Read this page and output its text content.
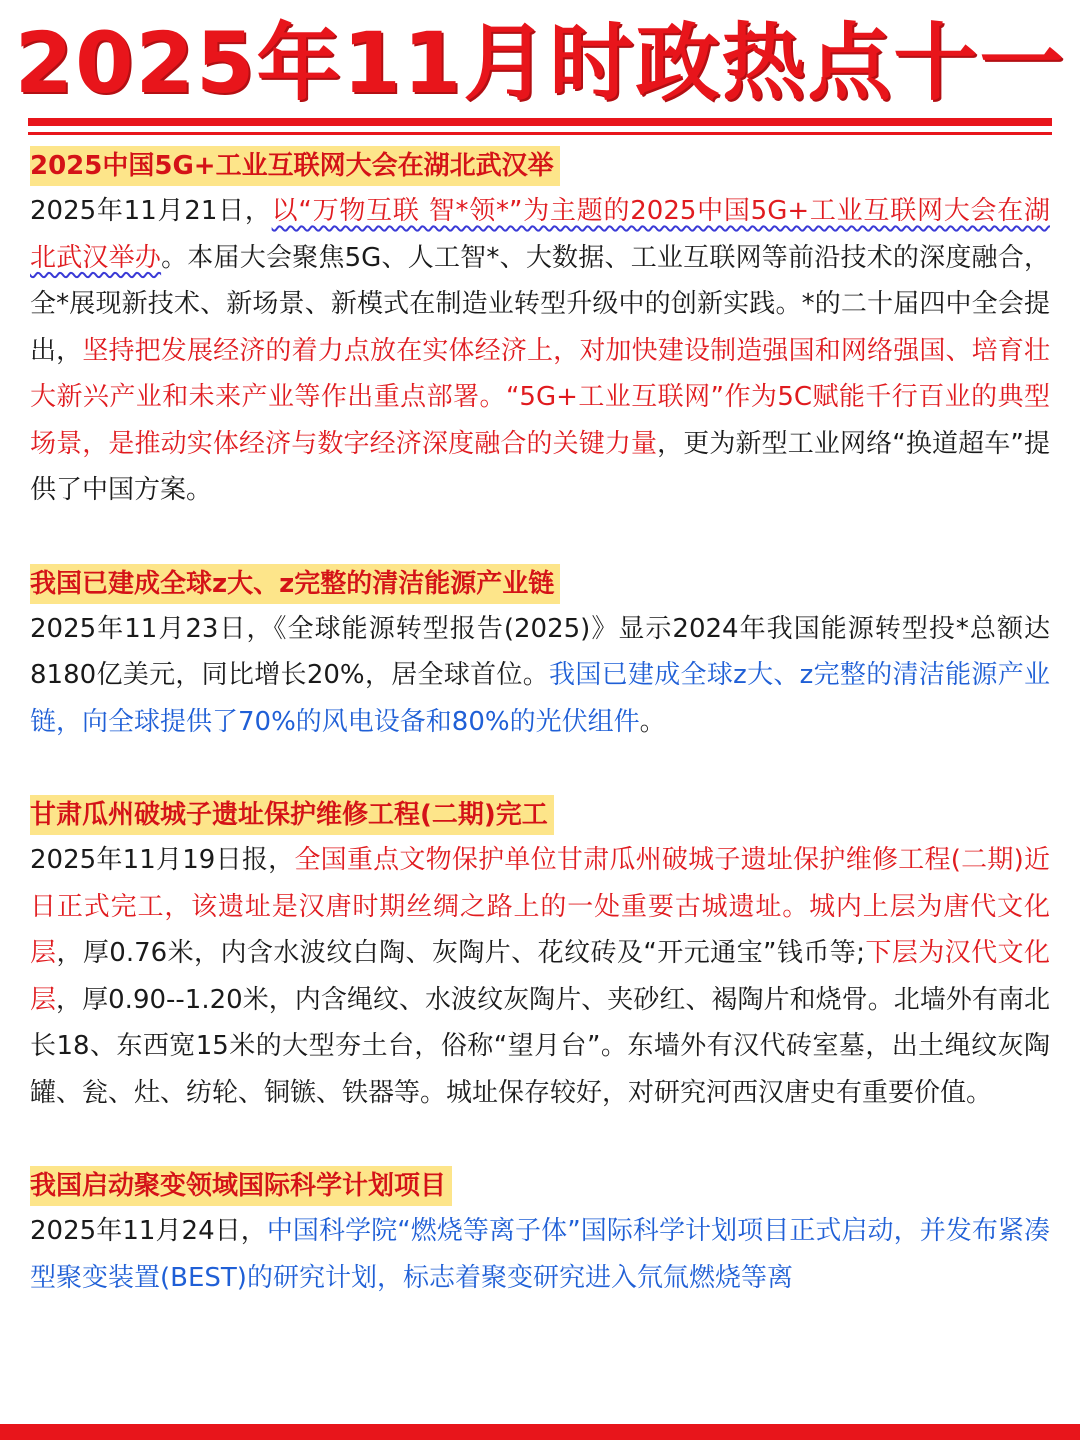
2025年11月时政热点十一
2025中国5G+工业互联网大会在湖北武汉举

2025年11月21日，以“万物互联 智*领*”为主题的2025中国5G+工业互联网大会在湖北武汉举办。本届大会聚焦5G、人工智*、大数据、工业互联网等前沿技术的深度融合，全*展现新技术、新场景、新模式在制造业转型升级中的创新实践。*的二十届四中全会提出，坚持把发展经济的着力点放在实体经济上，对加快建设制造强国和网络强国、培育壮大新兴产业和未来产业等作出重点部署。“5G+工业互联网”作为5C赋能千行百业的典型场景，是推动实体经济与数字经济深度融合的关键力量，更为新型工业网络“换道超车”提供了中国方案。

我国已建成全球z大、z完整的清洁能源产业链

2025年11月23日，《全球能源转型报告(2025)》显示2024年我国能源转型投*总额达8180亿美元，同比增长20%，居全球首位。我国已建成全球z大、z完整的清洁能源产业链，向全球提供了70%的风电设备和80%的光伏组件。

甘肃瓜州破城子遗址保护维修工程(二期)完工

2025年11月19日报，全国重点文物保护单位甘肃瓜州破城子遗址保护维修工程(二期)近日正式完工，该遗址是汉唐时期丝绸之路上的一处重要古城遗址。城内上层为唐代文化层，厚0.76米，内含水波纹白陶、灰陶片、花纹砖及“开元通宝”钱币等;下层为汉代文化层，厚0.90--1.20米，内含绳纹、水波纹灰陶片、夹砂红、褐陶片和烧骨。北墙外有南北长18、东西宽15米的大型夯土台，俗称“望月台”。东墙外有汉代砖室墓，出土绳纹灰陶罐、瓮、灶、纺轮、铜镞、铁器等。城址保存较好，对研究河西汉唐史有重要价值。

我国启动聚变领域国际科学计划项目

2025年11月24日，中国科学院“燃烧等离子体”国际科学计划项目正式启动，并发布紧凑型聚变装置(BEST)的研究计划，标志着聚变研究进入氘氚燃烧等离
